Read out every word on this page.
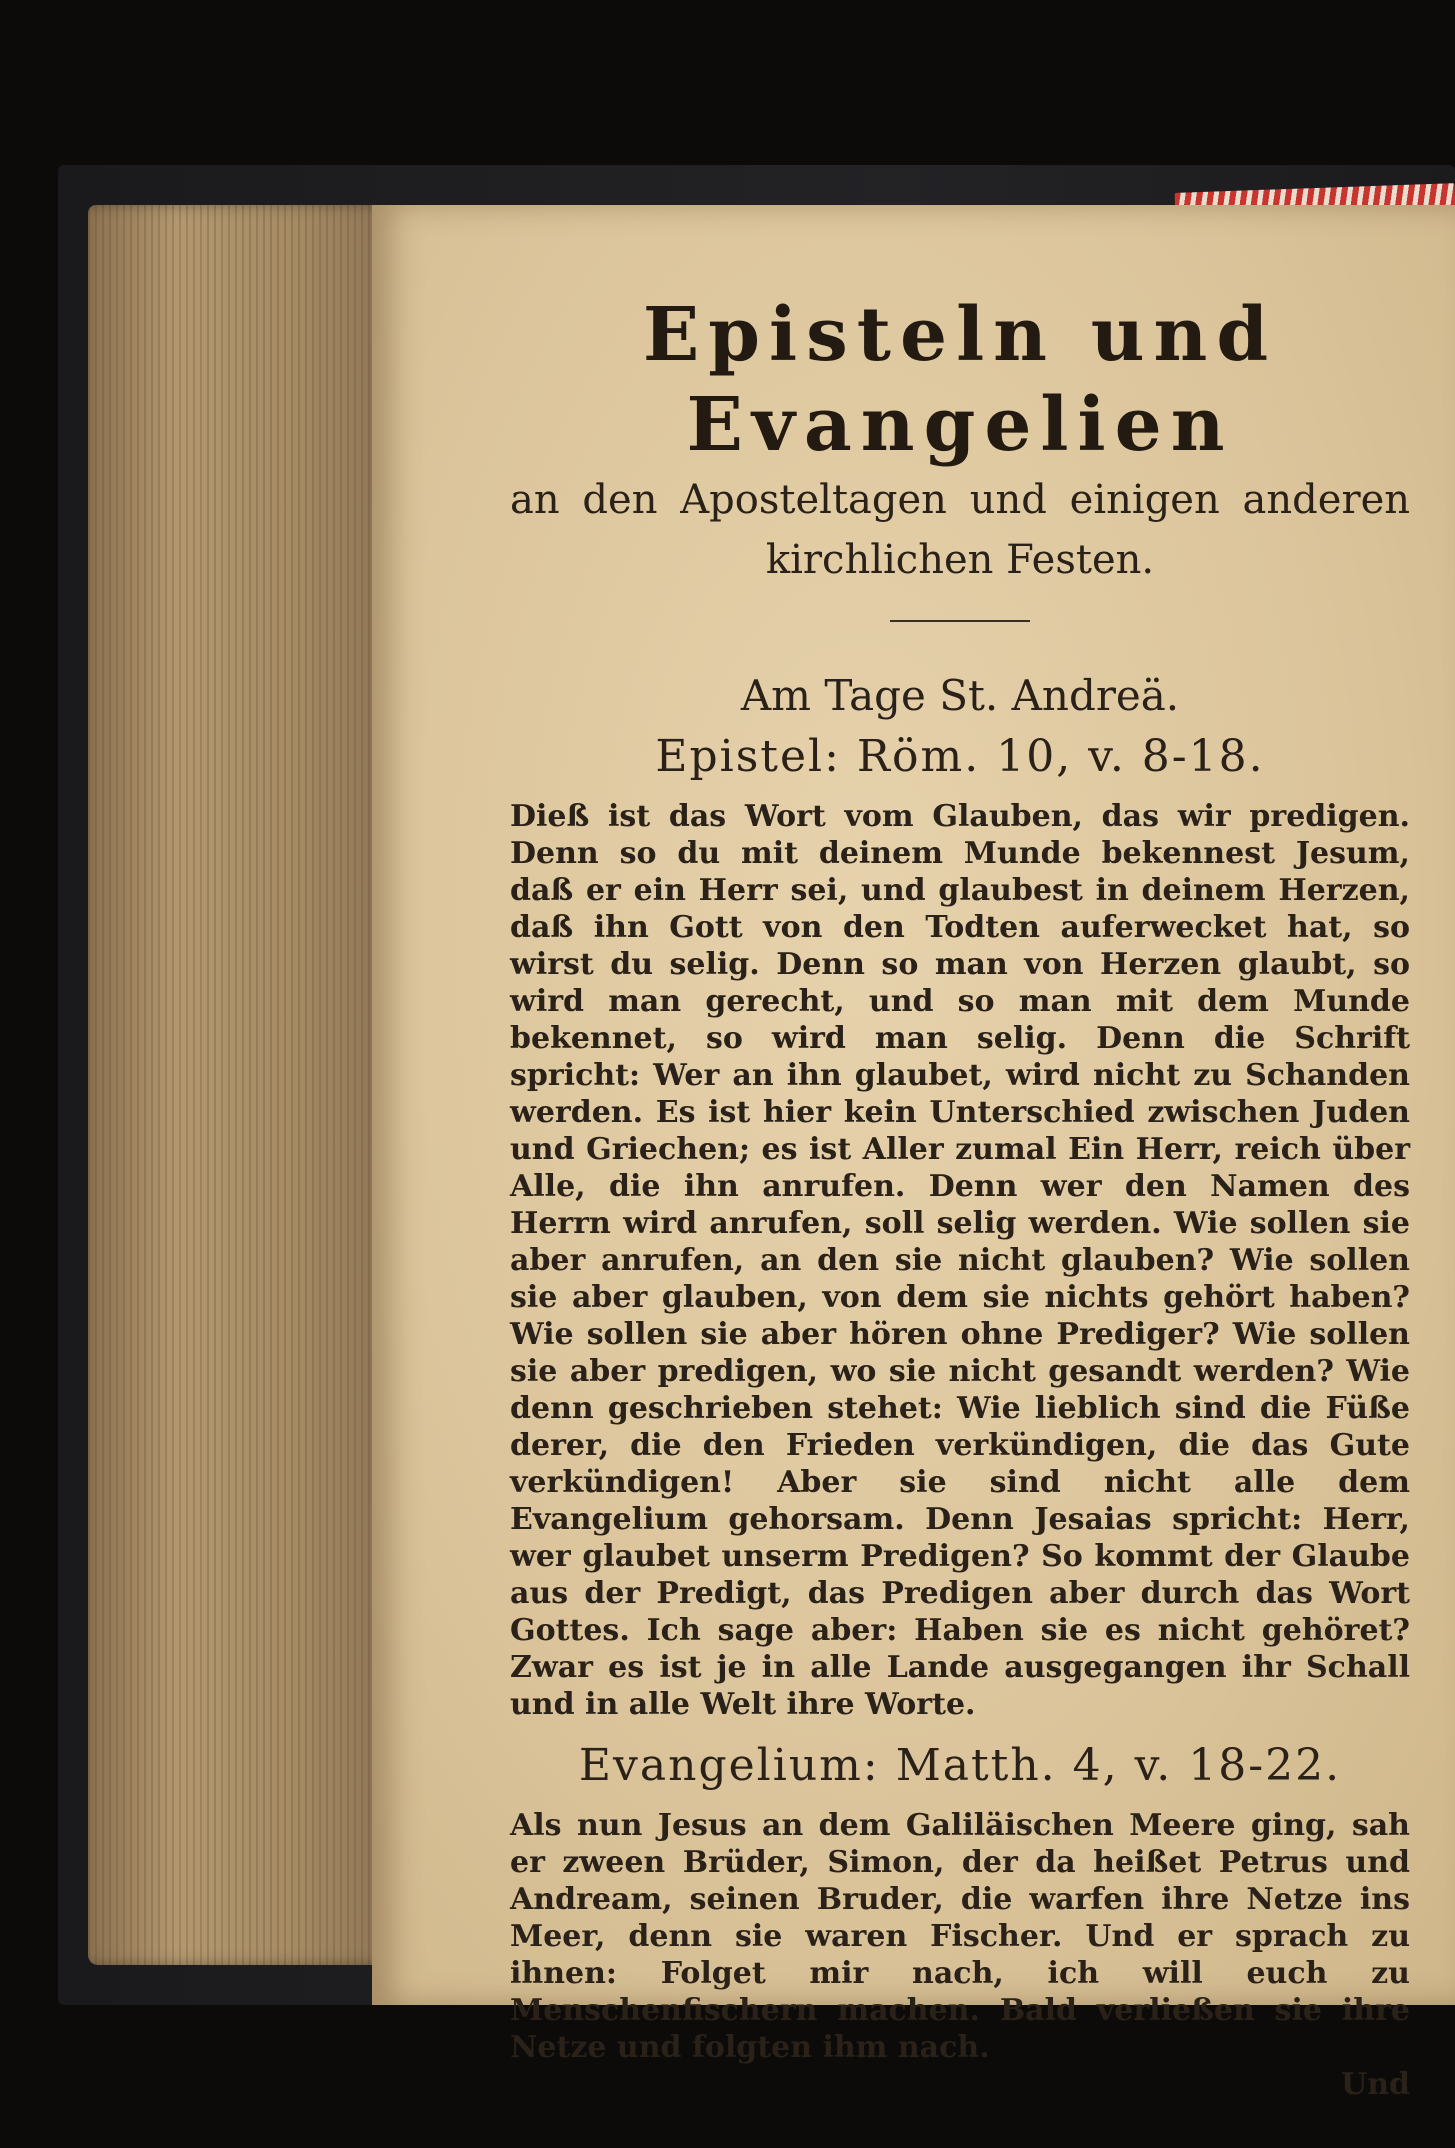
Episteln und Evangelien

an den Aposteltagen und einigen anderen kirchlichen Festen.

Am Tage St. Andreä.

Epistel: Röm. 10, v. 8-18.

Dieß ist das Wort vom Glauben, das wir predigen. Denn so du mit deinem Munde bekennest Jesum, daß er ein Herr sei, und glaubest in deinem Herzen, daß ihn Gott von den Todten auferwecket hat, so wirst du selig. Denn so man von Herzen glaubt, so wird man gerecht, und so man mit dem Munde bekennet, so wird man selig. Denn die Schrift spricht: Wer an ihn glaubet, wird nicht zu Schanden werden. Es ist hier kein Unterschied zwischen Juden und Griechen; es ist Aller zumal Ein Herr, reich über Alle, die ihn anrufen. Denn wer den Namen des Herrn wird anrufen, soll selig werden. Wie sollen sie aber anrufen, an den sie nicht glauben? Wie sollen sie aber glauben, von dem sie nichts gehört haben? Wie sollen sie aber hören ohne Prediger? Wie sollen sie aber predigen, wo sie nicht gesandt werden? Wie denn geschrieben stehet: Wie lieblich sind die Füße derer, die den Frieden verkündigen, die das Gute verkündigen! Aber sie sind nicht alle dem Evangelium gehorsam. Denn Jesaias spricht: Herr, wer glaubet unserm Predigen? So kommt der Glaube aus der Predigt, das Predigen aber durch das Wort Gottes. Ich sage aber: Haben sie es nicht gehöret? Zwar es ist je in alle Lande ausgegangen ihr Schall und in alle Welt ihre Worte.

Evangelium: Matth. 4, v. 18-22.

Als nun Jesus an dem Galiläischen Meere ging, sah er zween Brüder, Simon, der da heißet Petrus und Andream, seinen Bruder, die warfen ihre Netze ins Meer, denn sie waren Fischer. Und er sprach zu ihnen: Folget mir nach, ich will euch zu Menschenfischern machen. Bald verließen sie ihre Netze und folgten ihm nach.

Und
